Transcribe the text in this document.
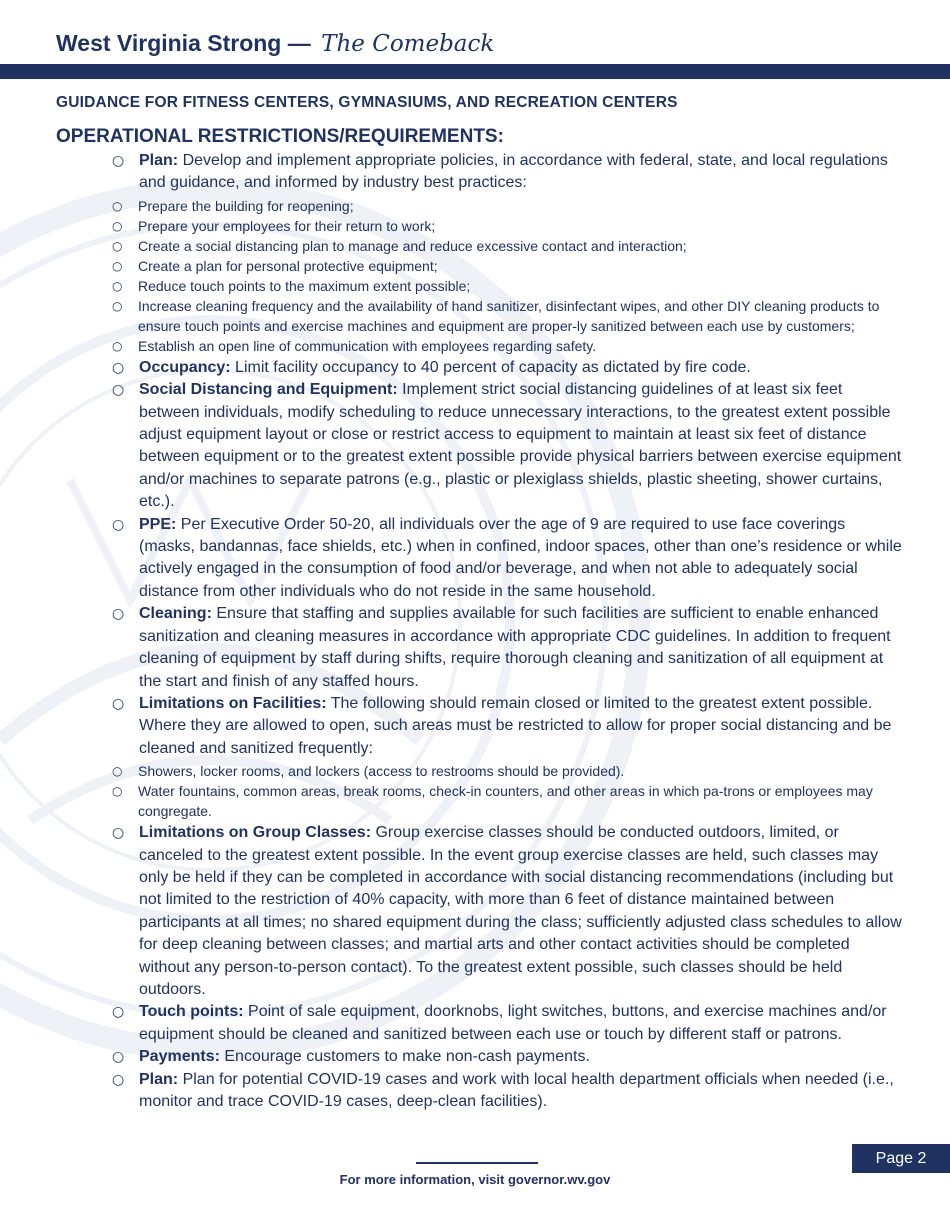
West Virginia Strong — The Comeback
GUIDANCE FOR FITNESS CENTERS, GYMNASIUMS, AND RECREATION CENTERS
OPERATIONAL RESTRICTIONS/REQUIREMENTS:
○ Plan: Develop and implement appropriate policies, in accordance with federal, state, and local regulations and guidance, and informed by industry best practices:
○ Prepare the building for reopening;
○ Prepare your employees for their return to work;
○ Create a social distancing plan to manage and reduce excessive contact and interaction;
○ Create a plan for personal protective equipment;
○ Reduce touch points to the maximum extent possible;
○ Increase cleaning frequency and the availability of hand sanitizer, disinfectant wipes, and other DIY cleaning products to ensure touch points and exercise machines and equipment are proper-ly sanitized between each use by customers;
○ Establish an open line of communication with employees regarding safety.
○ Occupancy: Limit facility occupancy to 40 percent of capacity as dictated by fire code.
○ Social Distancing and Equipment: Implement strict social distancing guidelines of at least six feet between individuals, modify scheduling to reduce unnecessary interactions, to the greatest extent possible adjust equipment layout or close or restrict access to equipment to maintain at least six feet of distance between equipment or to the greatest extent possible provide physical barriers between exercise equipment and/or machines to separate patrons (e.g., plastic or plexiglass shields, plastic sheeting, shower curtains, etc.).
○ PPE: Per Executive Order 50-20, all individuals over the age of 9 are required to use face coverings (masks, bandannas, face shields, etc.) when in confined, indoor spaces, other than one’s residence or while actively engaged in the consumption of food and/or beverage, and when not able to adequately social distance from other individuals who do not reside in the same household.
○ Cleaning: Ensure that staffing and supplies available for such facilities are sufficient to enable enhanced sanitization and cleaning measures in accordance with appropriate CDC guidelines. In addition to frequent cleaning of equipment by staff during shifts, require thorough cleaning and sanitization of all equipment at the start and finish of any staffed hours.
○ Limitations on Facilities: The following should remain closed or limited to the greatest extent possible. Where they are allowed to open, such areas must be restricted to allow for proper social distancing and be cleaned and sanitized frequently:
○ Showers, locker rooms, and lockers (access to restrooms should be provided).
○ Water fountains, common areas, break rooms, check-in counters, and other areas in which pa-trons or employees may congregate.
○ Limitations on Group Classes: Group exercise classes should be conducted outdoors, limited, or canceled to the greatest extent possible. In the event group exercise classes are held, such classes may only be held if they can be completed in accordance with social distancing recommendations (including but not limited to the restriction of 40% capacity, with more than 6 feet of distance maintained between participants at all times; no shared equipment during the class; sufficiently adjusted class schedules to allow for deep cleaning between classes; and martial arts and other contact activities should be completed without any person-to-person contact). To the greatest extent possible, such classes should be held outdoors.
○ Touch points: Point of sale equipment, doorknobs, light switches, buttons, and exercise machines and/or equipment should be cleaned and sanitized between each use or touch by different staff or patrons.
○ Payments: Encourage customers to make non-cash payments.
○ Plan: Plan for potential COVID-19 cases and work with local health department officials when needed (i.e., monitor and trace COVID-19 cases, deep-clean facilities).
Page 2
For more information, visit governor.wv.gov
